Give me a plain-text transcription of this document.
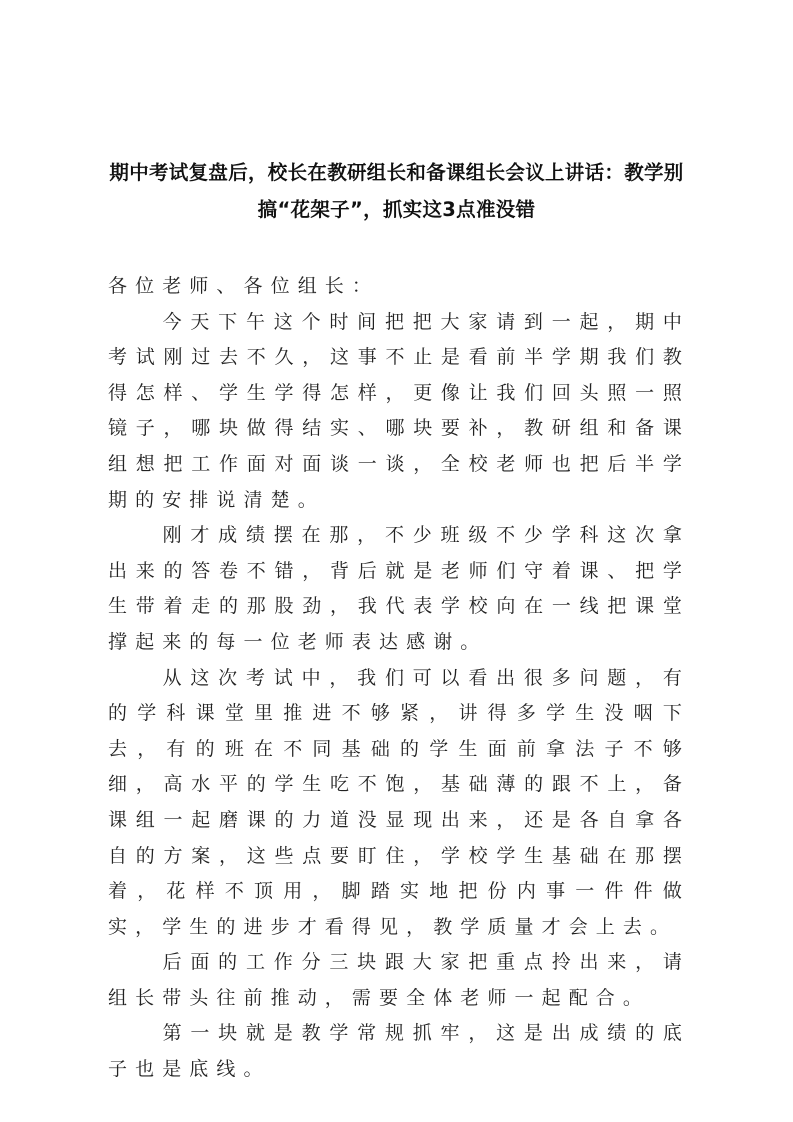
期中考试复盘后，校长在教研组长和备课组长会议上讲话：教学别搞“花架子”，抓实这3点准没错

各位老师、各位组长：

今天下午这个时间把把大家请到一起，期中考试刚过去不久，这事不止是看前半学期我们教得怎样、学生学得怎样，更像让我们回头照一照镜子，哪块做得结实、哪块要补，教研组和备课组想把工作面对面谈一谈，全校老师也把后半学期的安排说清楚。

刚才成绩摆在那，不少班级不少学科这次拿出来的答卷不错，背后就是老师们守着课、把学生带着走的那股劲，我代表学校向在一线把课堂撑起来的每一位老师表达感谢。

从这次考试中，我们可以看出很多问题，有的学科课堂里推进不够紧，讲得多学生没咽下去，有的班在不同基础的学生面前拿法子不够细，高水平的学生吃不饱，基础薄的跟不上，备课组一起磨课的力道没显现出来，还是各自拿各自的方案，这些点要盯住，学校学生基础在那摆着，花样不顶用，脚踏实地把份内事一件件做实，学生的进步才看得见，教学质量才会上去。

后面的工作分三块跟大家把重点拎出来，请组长带头往前推动，需要全体老师一起配合。

第一块就是教学常规抓牢，这是出成绩的底子也是底线。
